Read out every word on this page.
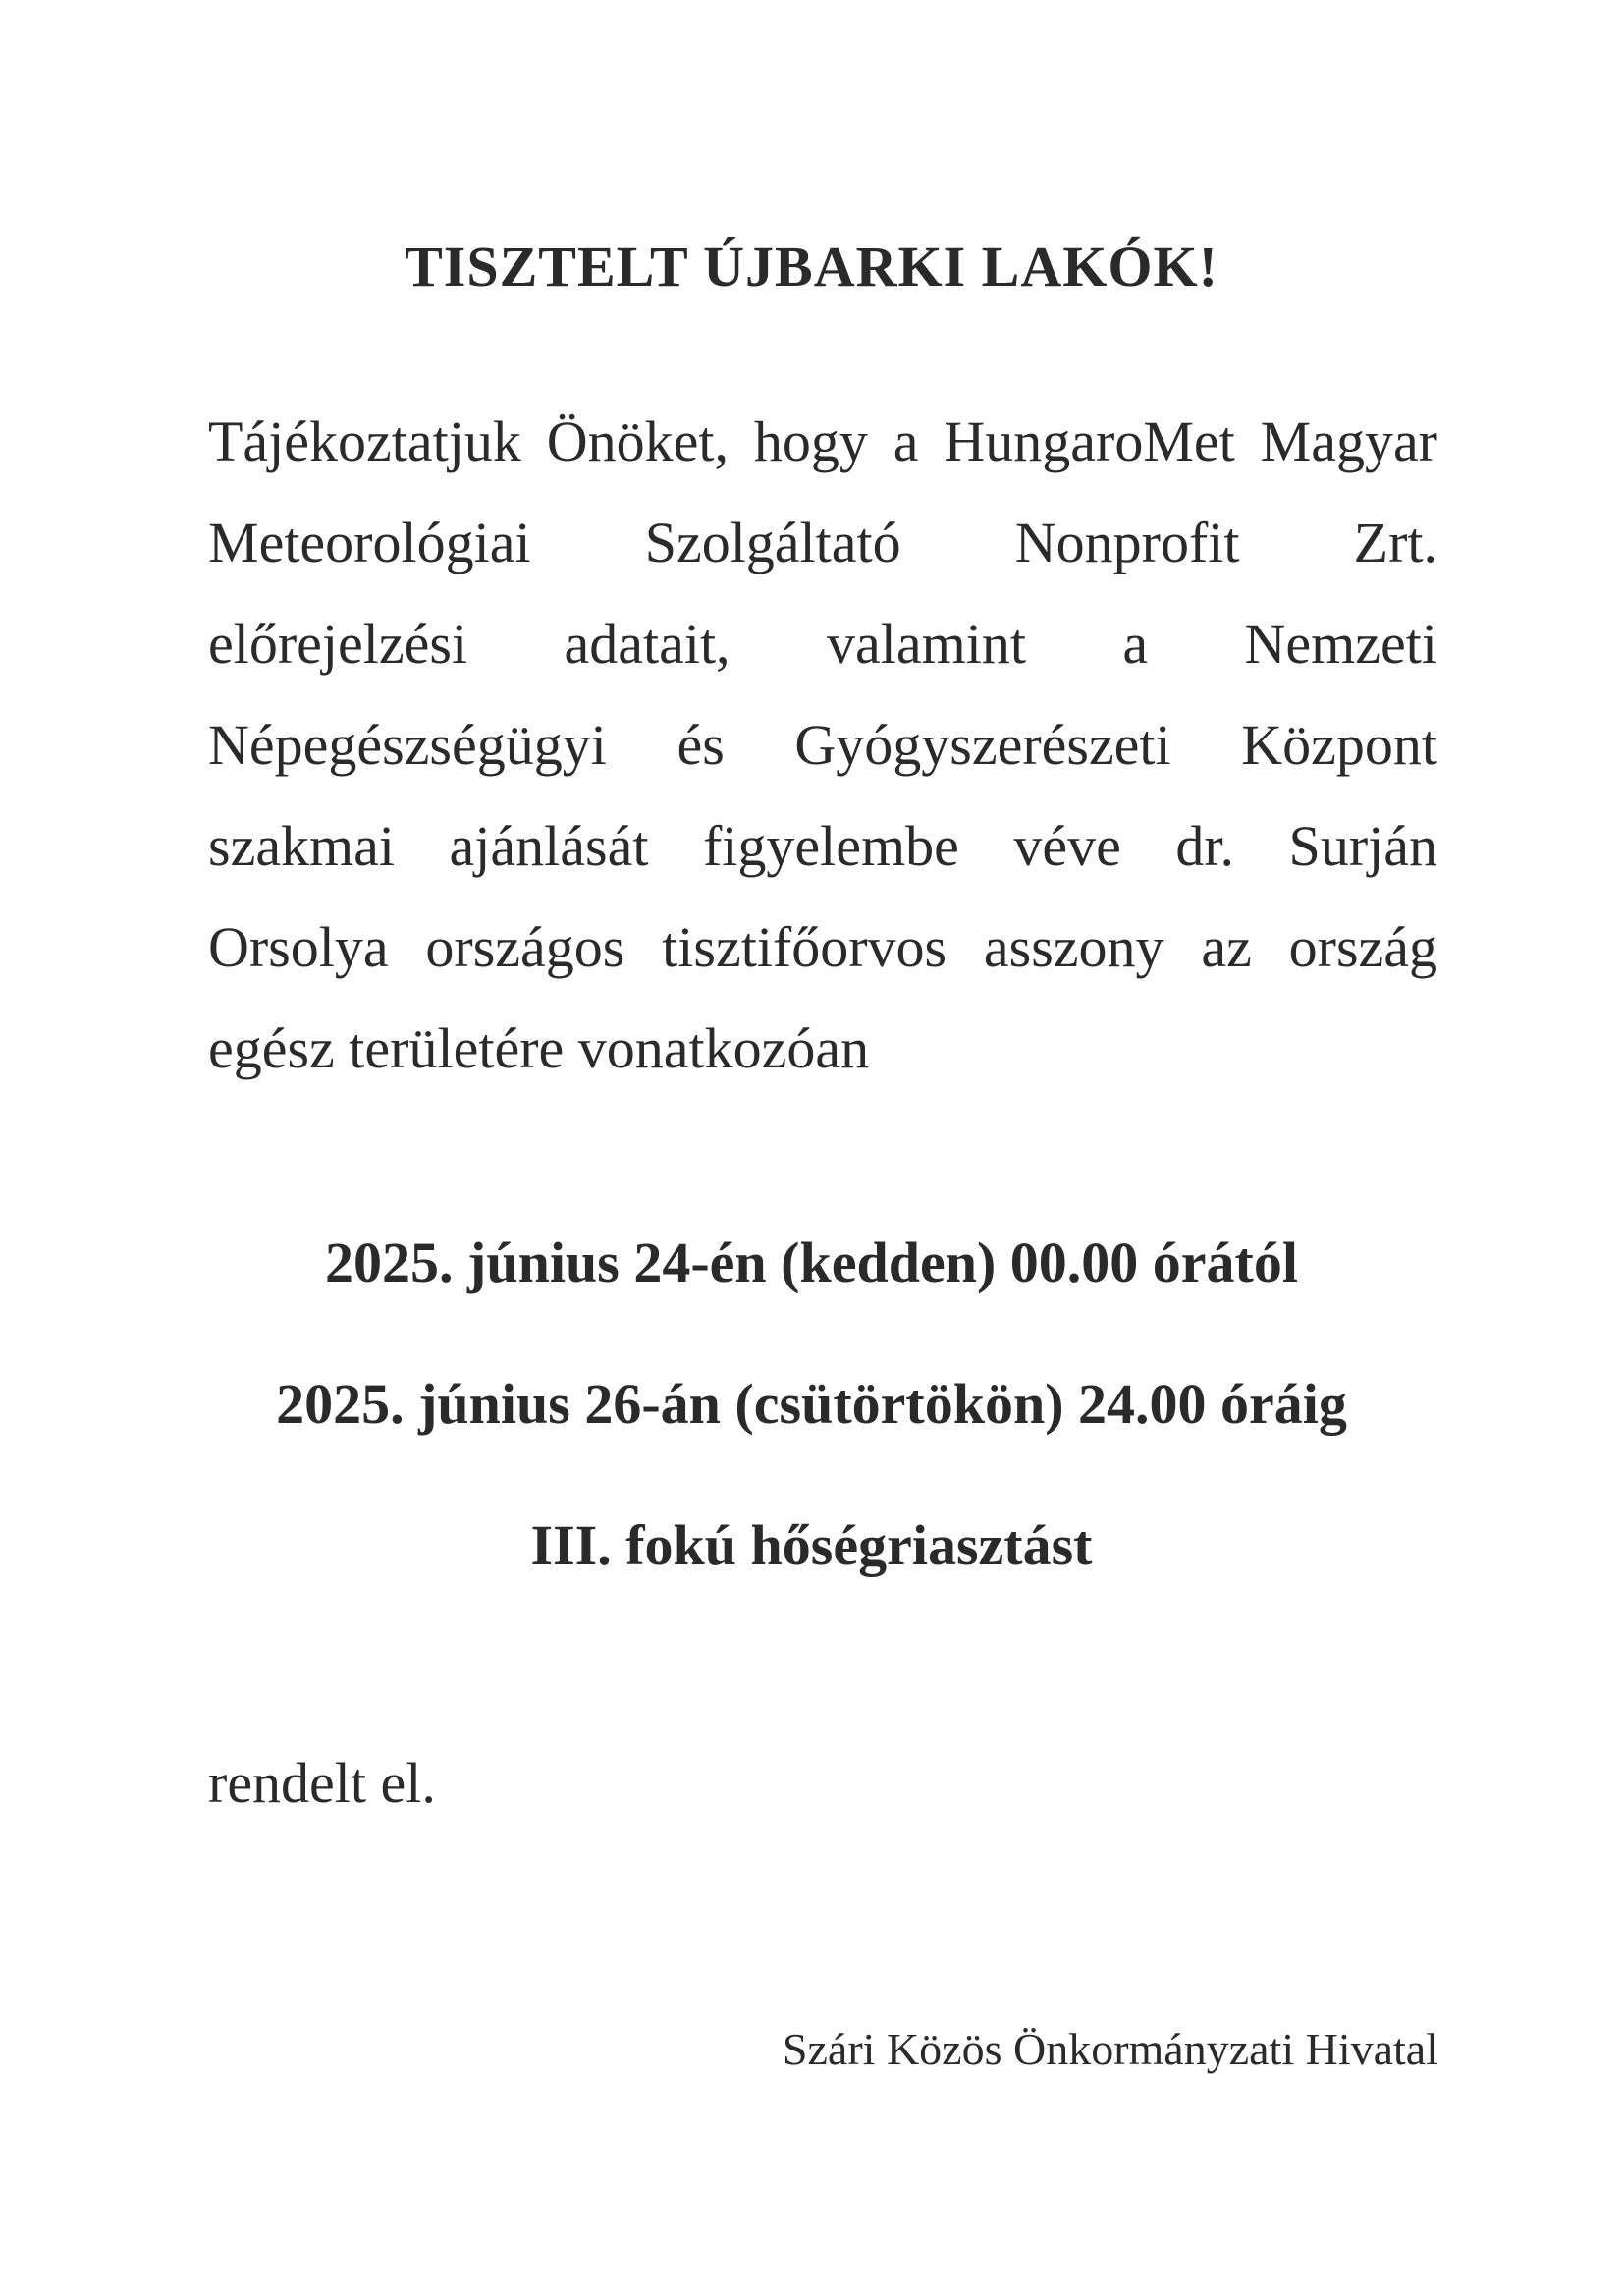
TISZTELT ÚJBARKI LAKÓK!
Tájékoztatjuk Önöket, hogy a HungaroMet Magyar
Meteorológiai Szolgáltató Nonprofit Zrt.
előrejelzési adatait, valamint a Nemzeti
Népegészségügyi és Gyógyszerészeti Központ
szakmai ajánlását figyelembe véve dr. Surján
Orsolya országos tisztifőorvos asszony az ország
egész területére vonatkozóan

2025. június 24-én (kedden) 00.00 órától

2025. június 26-án (csütörtökön) 24.00 óráig

III. fokú hőségriasztást

rendelt el.

Szári Közös Önkormányzati Hivatal
